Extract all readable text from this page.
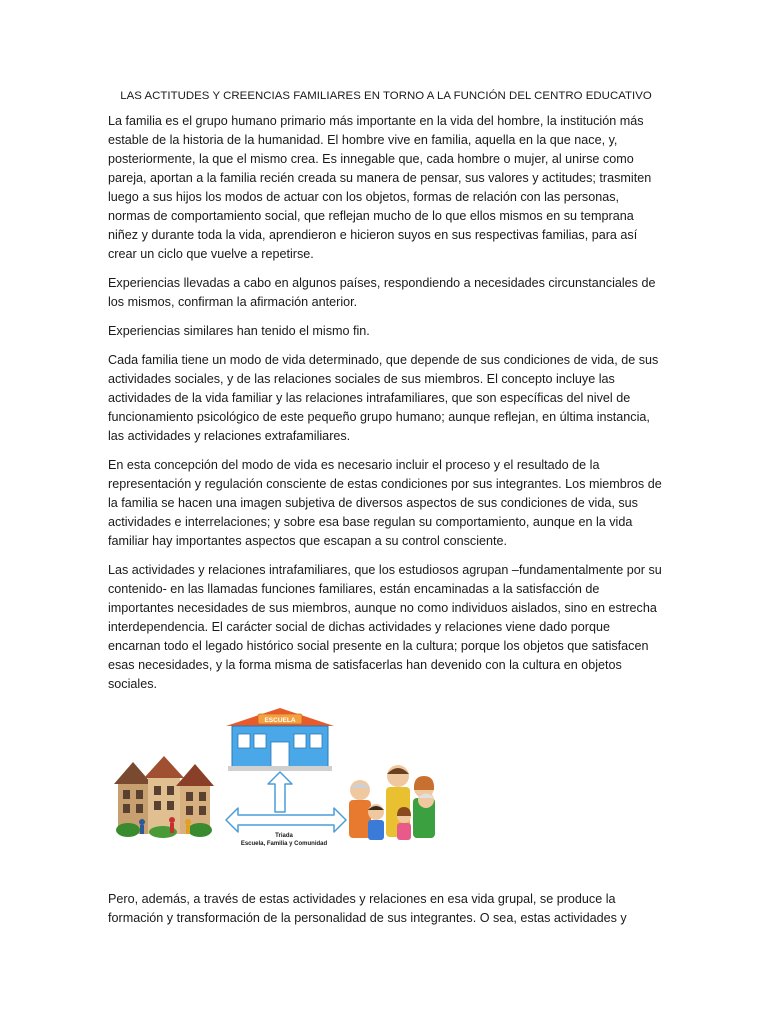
LAS ACTITUDES Y CREENCIAS FAMILIARES EN TORNO A LA FUNCIÓN DEL CENTRO EDUCATIVO

La familia es el grupo humano primario más importante en la vida del hombre, la institución más estable de la historia de la humanidad. El hombre vive en familia, aquella en la que nace, y, posteriormente, la que el mismo crea. Es innegable que, cada hombre o mujer, al unirse como pareja, aportan a la familia recién creada su manera de pensar, sus valores y actitudes; trasmiten luego a sus hijos los modos de actuar con los objetos, formas de relación con las personas, normas de comportamiento social, que reflejan mucho de lo que ellos mismos en su temprana niñez y durante toda la vida, aprendieron e hicieron suyos en sus respectivas familias, para así crear un ciclo que vuelve a repetirse.

Experiencias llevadas a cabo en algunos países, respondiendo a necesidades circunstanciales de los mismos, confirman la afirmación anterior.

Experiencias similares han tenido el mismo fin.

Cada familia tiene un modo de vida determinado, que depende de sus condiciones de vida, de sus actividades sociales, y de las relaciones sociales de sus miembros. El concepto incluye las actividades de la vida familiar y las relaciones intrafamiliares, que son específicas del nivel de funcionamiento psicológico de este pequeño grupo humano; aunque reflejan, en última instancia, las actividades y relaciones extrafamiliares.

En esta concepción del modo de vida es necesario incluir el proceso y el resultado de la representación y regulación consciente de estas condiciones por sus integrantes. Los miembros de la familia se hacen una imagen subjetiva de diversos aspectos de sus condiciones de vida, sus actividades e interrelaciones; y sobre esa base regulan su comportamiento, aunque en la vida familiar hay importantes aspectos que escapan a su control consciente.

Las actividades y relaciones intrafamiliares, que los estudiosos agrupan –fundamentalmente por su contenido- en las llamadas funciones familiares, están encaminadas a la satisfacción de importantes necesidades de sus miembros, aunque no como individuos aislados, sino en estrecha interdependencia. El carácter social de dichas actividades y relaciones viene dado porque encarnan todo el legado histórico social presente en la cultura; porque los objetos que satisfacen esas necesidades, y la forma misma de satisfacerlas han devenido con la cultura en objetos sociales.

ESCUELA
Triada
Escuela, Familia y Comunidad

Pero, además, a través de estas actividades y relaciones en esa vida grupal, se produce la formación y transformación de la personalidad de sus integrantes. O sea, estas actividades y
